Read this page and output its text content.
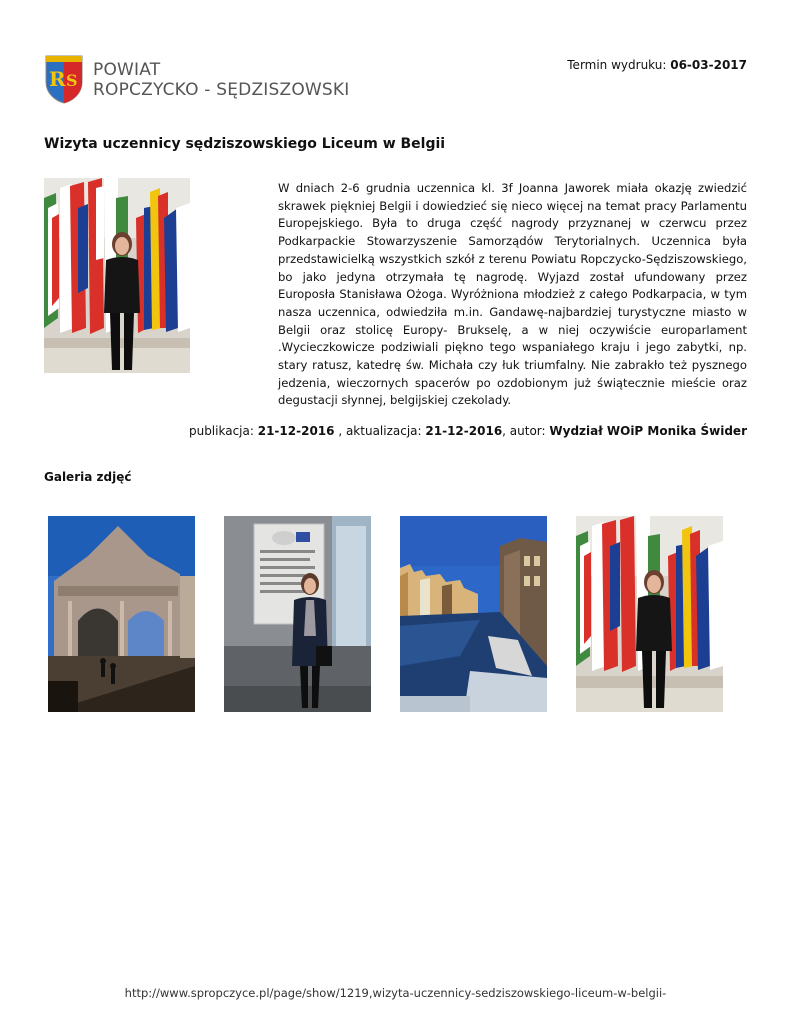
R S
POWIAT
ROPCZYCKO - SĘDZISZOWSKI
Termin wydruku: 06-03-2017
Wizyta uczennicy sędziszowskiego Liceum w Belgii
W dniach 2-6 grudnia uczennica kl. 3f Joanna Jaworek miała okazję zwiedzić skrawek piękniej Belgii i dowiedzieć się nieco więcej na temat pracy Parlamentu Europejskiego. Była to druga część nagrody przyznanej w czerwcu przez Podkarpackie Stowarzyszenie Samorządów Terytorialnych. Uczennica była przedstawicielką wszystkich szkół z terenu Powiatu Ropczycko-Sędziszowskiego, bo jako jedyna otrzymała tę nagrodę. Wyjazd został ufundowany przez Europosła Stanisława Ożoga. Wyróżniona młodzież z całego Podkarpacia, w tym nasza uczennica, odwiedziła m.in. Gandawę-najbardziej turystyczne miasto w Belgii oraz stolicę Europy- Brukselę, a w niej oczywiście europarlament .Wycieczkowicze podziwiali piękno tego wspaniałego kraju i jego zabytki, np. stary ratusz, katedrę św. Michała czy łuk triumfalny. Nie zabrakło też pysznego jedzenia, wieczornych spacerów po ozdobionym już świątecznie mieście oraz degustacji słynnej, belgijskiej czekolady.
publikacja: 21-12-2016 , aktualizacja: 21-12-2016, autor: Wydział WOiP Monika Świder
Galeria zdjęć
http://www.spropczyce.pl/page/show/1219,wizyta-uczennicy-sedziszowskiego-liceum-w-belgii-
